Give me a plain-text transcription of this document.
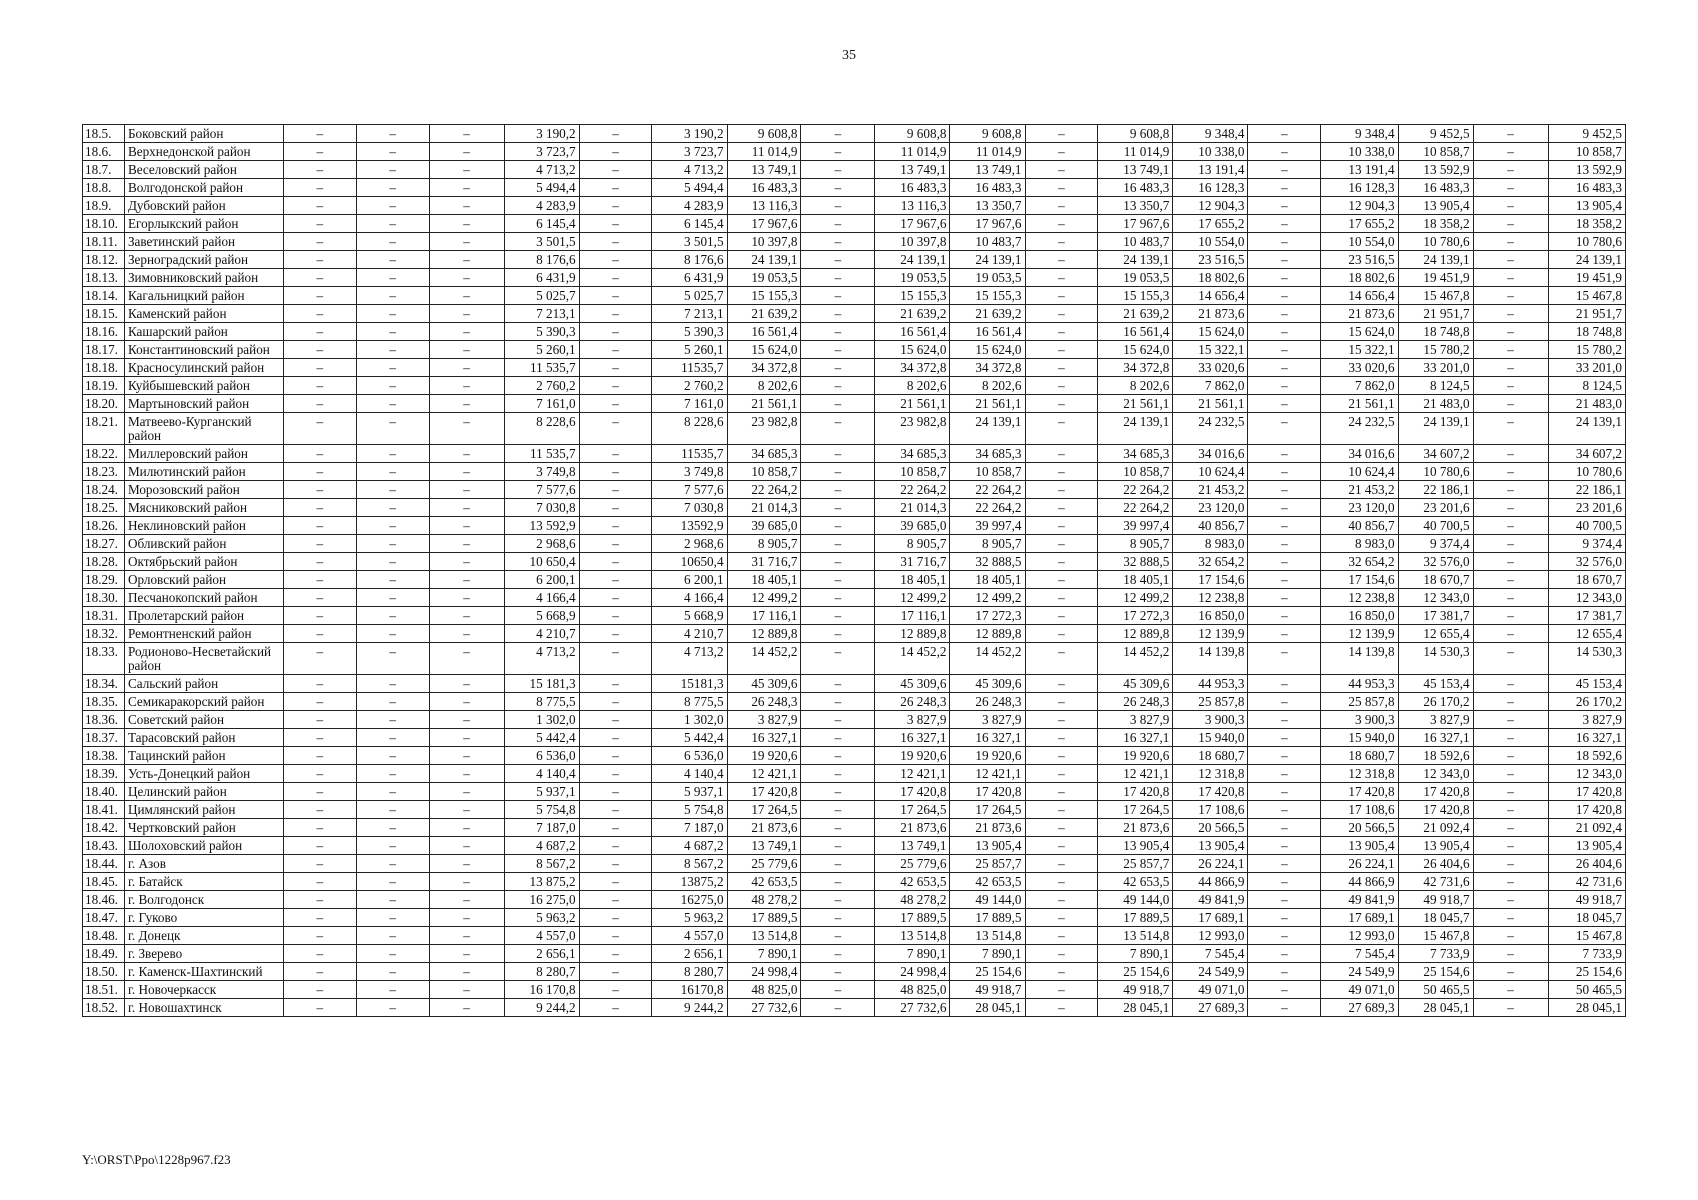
35
18.5.	Боковский район	–	–	–	3 190,2	–	3 190,2	9 608,8	–	9 608,8	9 608,8	–	9 608,8	9 348,4	–	9 348,4	9 452,5	–	9 452,5
18.6.	Верхнедонской район	–	–	–	3 723,7	–	3 723,7	11 014,9	–	11 014,9	11 014,9	–	11 014,9	10 338,0	–	10 338,0	10 858,7	–	10 858,7
18.7.	Веселовский район	–	–	–	4 713,2	–	4 713,2	13 749,1	–	13 749,1	13 749,1	–	13 749,1	13 191,4	–	13 191,4	13 592,9	–	13 592,9
18.8.	Волгодонской район	–	–	–	5 494,4	–	5 494,4	16 483,3	–	16 483,3	16 483,3	–	16 483,3	16 128,3	–	16 128,3	16 483,3	–	16 483,3
18.9.	Дубовский район	–	–	–	4 283,9	–	4 283,9	13 116,3	–	13 116,3	13 350,7	–	13 350,7	12 904,3	–	12 904,3	13 905,4	–	13 905,4
18.10.	Егорлыкский район	–	–	–	6 145,4	–	6 145,4	17 967,6	–	17 967,6	17 967,6	–	17 967,6	17 655,2	–	17 655,2	18 358,2	–	18 358,2
18.11.	Заветинский район	–	–	–	3 501,5	–	3 501,5	10 397,8	–	10 397,8	10 483,7	–	10 483,7	10 554,0	–	10 554,0	10 780,6	–	10 780,6
18.12.	Зерноградский район	–	–	–	8 176,6	–	8 176,6	24 139,1	–	24 139,1	24 139,1	–	24 139,1	23 516,5	–	23 516,5	24 139,1	–	24 139,1
18.13.	Зимовниковский район	–	–	–	6 431,9	–	6 431,9	19 053,5	–	19 053,5	19 053,5	–	19 053,5	18 802,6	–	18 802,6	19 451,9	–	19 451,9
18.14.	Кагальницкий район	–	–	–	5 025,7	–	5 025,7	15 155,3	–	15 155,3	15 155,3	–	15 155,3	14 656,4	–	14 656,4	15 467,8	–	15 467,8
18.15.	Каменский район	–	–	–	7 213,1	–	7 213,1	21 639,2	–	21 639,2	21 639,2	–	21 639,2	21 873,6	–	21 873,6	21 951,7	–	21 951,7
18.16.	Кашарский район	–	–	–	5 390,3	–	5 390,3	16 561,4	–	16 561,4	16 561,4	–	16 561,4	15 624,0	–	15 624,0	18 748,8	–	18 748,8
18.17.	Константиновский район	–	–	–	5 260,1	–	5 260,1	15 624,0	–	15 624,0	15 624,0	–	15 624,0	15 322,1	–	15 322,1	15 780,2	–	15 780,2
18.18.	Красносулинский район	–	–	–	11 535,7	–	11535,7	34 372,8	–	34 372,8	34 372,8	–	34 372,8	33 020,6	–	33 020,6	33 201,0	–	33 201,0
18.19.	Куйбышевский район	–	–	–	2 760,2	–	2 760,2	8 202,6	–	8 202,6	8 202,6	–	8 202,6	7 862,0	–	7 862,0	8 124,5	–	8 124,5
18.20.	Мартыновский район	–	–	–	7 161,0	–	7 161,0	21 561,1	–	21 561,1	21 561,1	–	21 561,1	21 561,1	–	21 561,1	21 483,0	–	21 483,0
18.21.	Матвеево-Курганский район	–	–	–	8 228,6	–	8 228,6	23 982,8	–	23 982,8	24 139,1	–	24 139,1	24 232,5	–	24 232,5	24 139,1	–	24 139,1
18.22.	Миллеровский район	–	–	–	11 535,7	–	11535,7	34 685,3	–	34 685,3	34 685,3	–	34 685,3	34 016,6	–	34 016,6	34 607,2	–	34 607,2
18.23.	Милютинский район	–	–	–	3 749,8	–	3 749,8	10 858,7	–	10 858,7	10 858,7	–	10 858,7	10 624,4	–	10 624,4	10 780,6	–	10 780,6
18.24.	Морозовский район	–	–	–	7 577,6	–	7 577,6	22 264,2	–	22 264,2	22 264,2	–	22 264,2	21 453,2	–	21 453,2	22 186,1	–	22 186,1
18.25.	Мясниковский район	–	–	–	7 030,8	–	7 030,8	21 014,3	–	21 014,3	22 264,2	–	22 264,2	23 120,0	–	23 120,0	23 201,6	–	23 201,6
18.26.	Неклиновский район	–	–	–	13 592,9	–	13592,9	39 685,0	–	39 685,0	39 997,4	–	39 997,4	40 856,7	–	40 856,7	40 700,5	–	40 700,5
18.27.	Обливский район	–	–	–	2 968,6	–	2 968,6	8 905,7	–	8 905,7	8 905,7	–	8 905,7	8 983,0	–	8 983,0	9 374,4	–	9 374,4
18.28.	Октябрьский район	–	–	–	10 650,4	–	10650,4	31 716,7	–	31 716,7	32 888,5	–	32 888,5	32 654,2	–	32 654,2	32 576,0	–	32 576,0
18.29.	Орловский район	–	–	–	6 200,1	–	6 200,1	18 405,1	–	18 405,1	18 405,1	–	18 405,1	17 154,6	–	17 154,6	18 670,7	–	18 670,7
18.30.	Песчанокопский район	–	–	–	4 166,4	–	4 166,4	12 499,2	–	12 499,2	12 499,2	–	12 499,2	12 238,8	–	12 238,8	12 343,0	–	12 343,0
18.31.	Пролетарский район	–	–	–	5 668,9	–	5 668,9	17 116,1	–	17 116,1	17 272,3	–	17 272,3	16 850,0	–	16 850,0	17 381,7	–	17 381,7
18.32.	Ремонтненский район	–	–	–	4 210,7	–	4 210,7	12 889,8	–	12 889,8	12 889,8	–	12 889,8	12 139,9	–	12 139,9	12 655,4	–	12 655,4
18.33.	Родионово-Несветайский район	–	–	–	4 713,2	–	4 713,2	14 452,2	–	14 452,2	14 452,2	–	14 452,2	14 139,8	–	14 139,8	14 530,3	–	14 530,3
18.34.	Сальский район	–	–	–	15 181,3	–	15181,3	45 309,6	–	45 309,6	45 309,6	–	45 309,6	44 953,3	–	44 953,3	45 153,4	–	45 153,4
18.35.	Семикаракорский район	–	–	–	8 775,5	–	8 775,5	26 248,3	–	26 248,3	26 248,3	–	26 248,3	25 857,8	–	25 857,8	26 170,2	–	26 170,2
18.36.	Советский район	–	–	–	1 302,0	–	1 302,0	3 827,9	–	3 827,9	3 827,9	–	3 827,9	3 900,3	–	3 900,3	3 827,9	–	3 827,9
18.37.	Тарасовский район	–	–	–	5 442,4	–	5 442,4	16 327,1	–	16 327,1	16 327,1	–	16 327,1	15 940,0	–	15 940,0	16 327,1	–	16 327,1
18.38.	Тацинский район	–	–	–	6 536,0	–	6 536,0	19 920,6	–	19 920,6	19 920,6	–	19 920,6	18 680,7	–	18 680,7	18 592,6	–	18 592,6
18.39.	Усть-Донецкий район	–	–	–	4 140,4	–	4 140,4	12 421,1	–	12 421,1	12 421,1	–	12 421,1	12 318,8	–	12 318,8	12 343,0	–	12 343,0
18.40.	Целинский район	–	–	–	5 937,1	–	5 937,1	17 420,8	–	17 420,8	17 420,8	–	17 420,8	17 420,8	–	17 420,8	17 420,8	–	17 420,8
18.41.	Цимлянский район	–	–	–	5 754,8	–	5 754,8	17 264,5	–	17 264,5	17 264,5	–	17 264,5	17 108,6	–	17 108,6	17 420,8	–	17 420,8
18.42.	Чертковский район	–	–	–	7 187,0	–	7 187,0	21 873,6	–	21 873,6	21 873,6	–	21 873,6	20 566,5	–	20 566,5	21 092,4	–	21 092,4
18.43.	Шолоховский район	–	–	–	4 687,2	–	4 687,2	13 749,1	–	13 749,1	13 905,4	–	13 905,4	13 905,4	–	13 905,4	13 905,4	–	13 905,4
18.44.	г. Азов	–	–	–	8 567,2	–	8 567,2	25 779,6	–	25 779,6	25 857,7	–	25 857,7	26 224,1	–	26 224,1	26 404,6	–	26 404,6
18.45.	г. Батайск	–	–	–	13 875,2	–	13875,2	42 653,5	–	42 653,5	42 653,5	–	42 653,5	44 866,9	–	44 866,9	42 731,6	–	42 731,6
18.46.	г. Волгодонск	–	–	–	16 275,0	–	16275,0	48 278,2	–	48 278,2	49 144,0	–	49 144,0	49 841,9	–	49 841,9	49 918,7	–	49 918,7
18.47.	г. Гуково	–	–	–	5 963,2	–	5 963,2	17 889,5	–	17 889,5	17 889,5	–	17 889,5	17 689,1	–	17 689,1	18 045,7	–	18 045,7
18.48.	г. Донецк	–	–	–	4 557,0	–	4 557,0	13 514,8	–	13 514,8	13 514,8	–	13 514,8	12 993,0	–	12 993,0	15 467,8	–	15 467,8
18.49.	г. Зверево	–	–	–	2 656,1	–	2 656,1	7 890,1	–	7 890,1	7 890,1	–	7 890,1	7 545,4	–	7 545,4	7 733,9	–	7 733,9
18.50.	г. Каменск-Шахтинский	–	–	–	8 280,7	–	8 280,7	24 998,4	–	24 998,4	25 154,6	–	25 154,6	24 549,9	–	24 549,9	25 154,6	–	25 154,6
18.51.	г. Новочеркасск	–	–	–	16 170,8	–	16170,8	48 825,0	–	48 825,0	49 918,7	–	49 918,7	49 071,0	–	49 071,0	50 465,5	–	50 465,5
18.52.	г. Новошахтинск	–	–	–	9 244,2	–	9 244,2	27 732,6	–	27 732,6	28 045,1	–	28 045,1	27 689,3	–	27 689,3	28 045,1	–	28 045,1
Y:\ORST\Ppo\1228p967.f23
